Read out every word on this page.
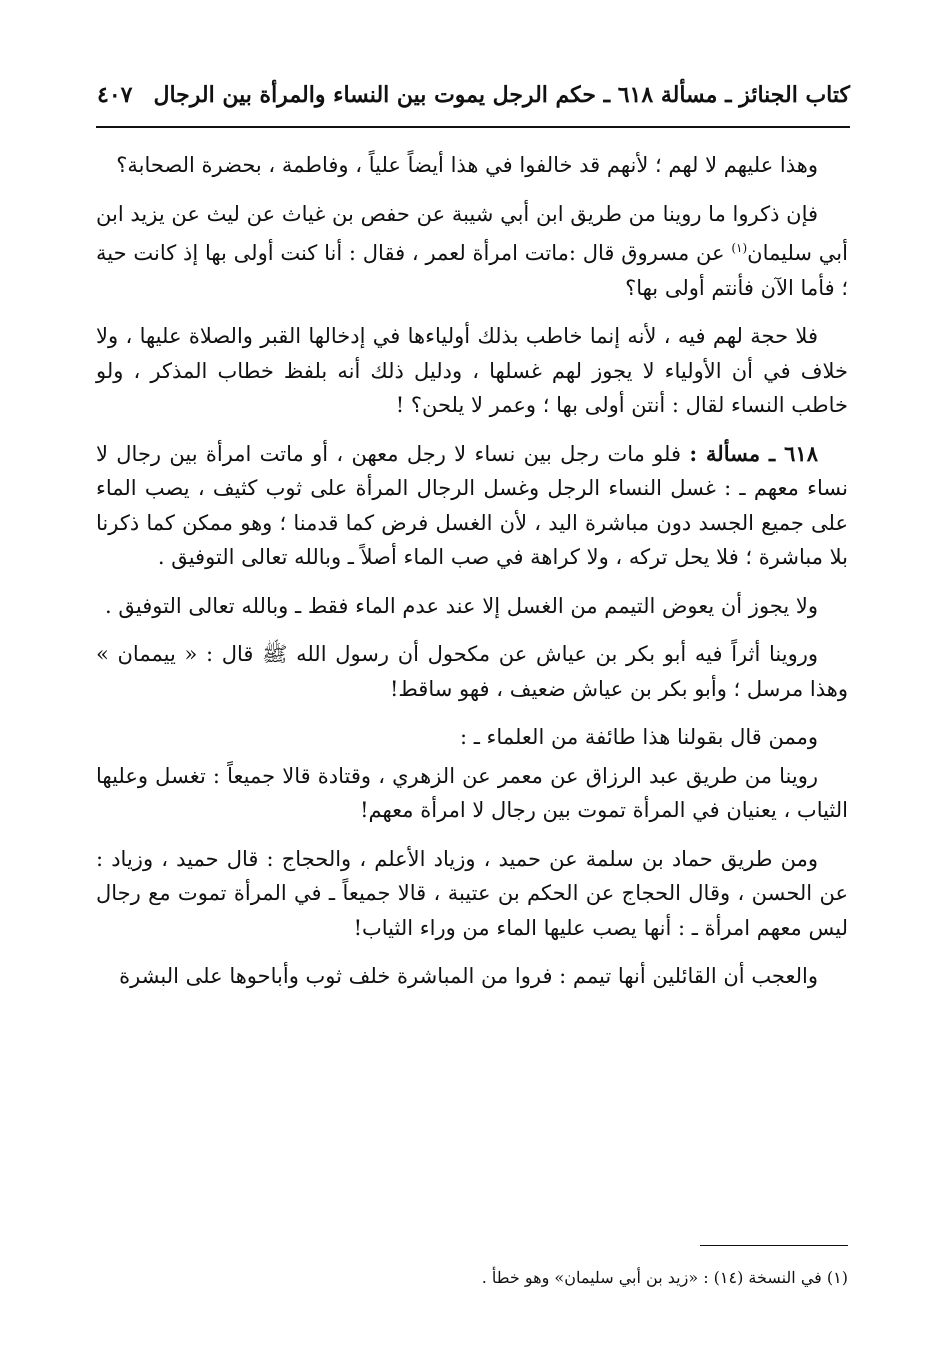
كتاب الجنائز ـ مسألة ٦١٨ ـ حكم الرجل يموت بين النساء والمرأة بين الرجال
٤٠٧

وهذا عليهم لا لهم ؛ لأنهم قد خالفوا في هذا أيضاً علياً ، وفاطمة ، بحضرة الصحابة؟

فإن ذكروا ما روينا من طريق ابن أبي شيبة عن حفص بن غياث عن ليث عن يزيد ابن أبي سليمان$^{(١)}$ عن مسروق قال :ماتت امرأة لعمر ، فقال : أنا كنت أولى بها إذ كانت حية ؛ فأما الآن فأنتم أولى بها؟

فلا حجة لهم فيه ، لأنه إنما خاطب بذلك أولياءها في إدخالها القبر والصلاة عليها ، ولا خلاف في أن الأولياء لا يجوز لهم غسلها ، ودليل ذلك أنه بلفظ خطاب المذكر ، ولو خاطب النساء لقال : أنتن أولى بها ؛ وعمر لا يلحن؟ !

٦١٨ ـ مسألة : فلو مات رجل بين نساء لا رجل معهن ، أو ماتت امرأة بين رجال لا نساء معهم ـ : غسل النساء الرجل وغسل الرجال المرأة على ثوب كثيف ، يصب الماء على جميع الجسد دون مباشرة اليد ، لأن الغسل فرض كما قدمنا ؛ وهو ممكن كما ذكرنا بلا مباشرة ؛ فلا يحل تركه ، ولا كراهة في صب الماء أصلاً ـ وبالله تعالى التوفيق .

ولا يجوز أن يعوض التيمم من الغسل إلا عند عدم الماء فقط ـ وبالله تعالى التوفيق .

وروينا أثراً فيه أبو بكر بن عياش عن مكحول أن رسول الله ﷺ قال : « ييممان » وهذا مرسل ؛ وأبو بكر بن عياش ضعيف ، فهو ساقط!

وممن قال بقولنا هذا طائفة من العلماء ـ :

روينا من طريق عبد الرزاق عن معمر عن الزهري ، وقتادة قالا جميعاً : تغسل وعليها الثياب ، يعنيان في المرأة تموت بين رجال لا امرأة معهم!

ومن طريق حماد بن سلمة عن حميد ، وزياد الأعلم ، والحجاج : قال حميد ، وزياد : عن الحسن ، وقال الحجاج عن الحكم بن عتيبة ، قالا جميعاً ـ في المرأة تموت مع رجال ليس معهم امرأة ـ : أنها يصب عليها الماء من وراء الثياب!

والعجب أن القائلين أنها تيمم : فروا من المباشرة خلف ثوب وأباحوها على البشرة

(١) في النسخة (١٤) : «زيد بن أبي سليمان» وهو خطأ .
